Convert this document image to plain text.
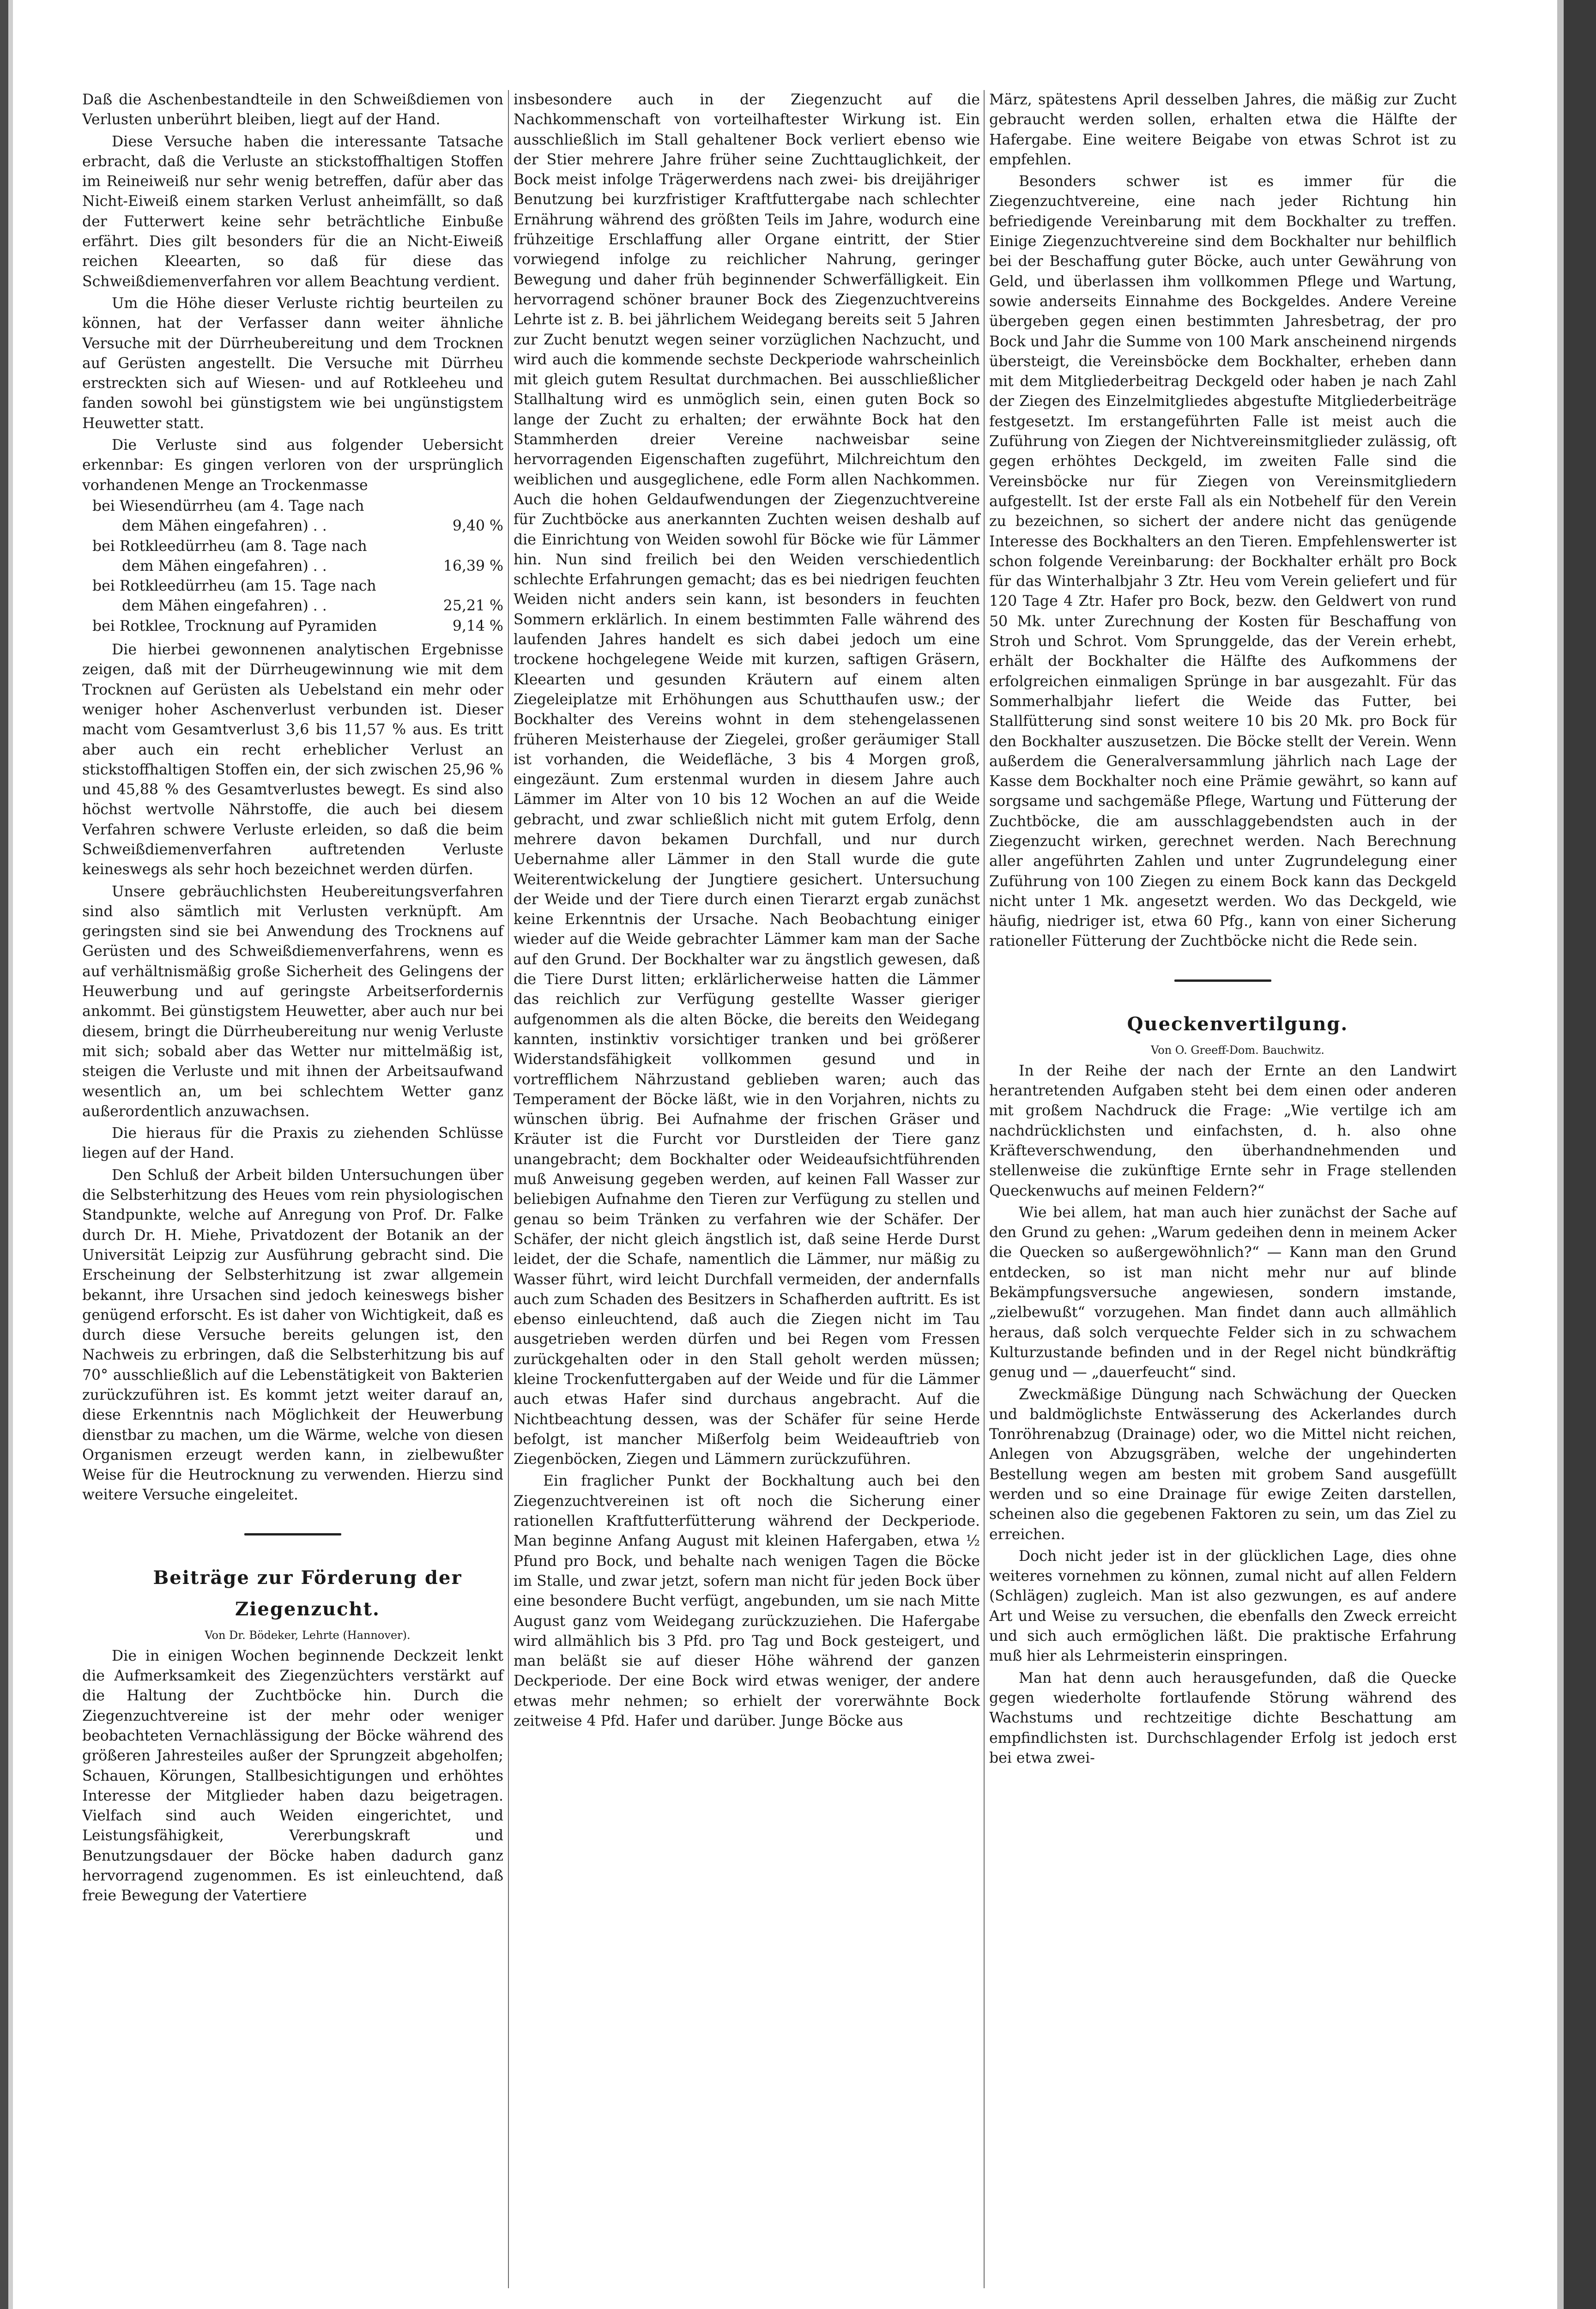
Daß die Aschenbestandteile in den Schweißdiemen von Verlusten unberührt bleiben, liegt auf der Hand.

Diese Versuche haben die interessante Tatsache erbracht, daß die Verluste an stickstoffhaltigen Stoffen im Reineiweiß nur sehr wenig betreffen, dafür aber das Nicht-Eiweiß einem starken Verlust anheimfällt, so daß der Futterwert keine sehr beträchtliche Einbuße erfährt. Dies gilt besonders für die an Nicht-Eiweiß reichen Kleearten, so daß für diese das Schweißdiemenverfahren vor allem Beachtung verdient.

Um die Höhe dieser Verluste richtig beurteilen zu können, hat der Verfasser dann weiter ähnliche Versuche mit der Dürrheubereitung und dem Trocknen auf Gerüsten angestellt. Die Versuche mit Dürrheu erstreckten sich auf Wiesen- und auf Rotkleeheu und fanden sowohl bei günstigstem wie bei ungünstigstem Heuwetter statt.

Die Verluste sind aus folgender Uebersicht erkennbar: Es gingen verloren von der ursprünglich vorhandenen Menge an Trockenmasse

bei Wiesendürrheu (am 4. Tage nach
dem Mähen eingefahren) . .	9,40 %
bei Rotkleedürrheu (am 8. Tage nach
dem Mähen eingefahren) . .	16,39 %
bei Rotkleedürrheu (am 15. Tage nach
dem Mähen eingefahren) . .	25,21 %
bei Rotklee, Trocknung auf Pyramiden	9,14 %

Die hierbei gewonnenen analytischen Ergebnisse zeigen, daß mit der Dürrheugewinnung wie mit dem Trocknen auf Gerüsten als Uebelstand ein mehr oder weniger hoher Aschenverlust verbunden ist. Dieser macht vom Gesamtverlust 3,6 bis 11,57 % aus. Es tritt aber auch ein recht erheblicher Verlust an stickstoffhaltigen Stoffen ein, der sich zwischen 25,96 % und 45,88 % des Gesamtverlustes bewegt. Es sind also höchst wertvolle Nährstoffe, die auch bei diesem Verfahren schwere Verluste erleiden, so daß die beim Schweißdiemenverfahren auftretenden Verluste keineswegs als sehr hoch bezeichnet werden dürfen.

Unsere gebräuchlichsten Heubereitungsverfahren sind also sämtlich mit Verlusten verknüpft. Am geringsten sind sie bei Anwendung des Trocknens auf Gerüsten und des Schweißdiemenverfahrens, wenn es auf verhältnismäßig große Sicherheit des Gelingens der Heuwerbung und auf geringste Arbeitserfordernis ankommt. Bei günstigstem Heuwetter, aber auch nur bei diesem, bringt die Dürrheubereitung nur wenig Verluste mit sich; sobald aber das Wetter nur mittelmäßig ist, steigen die Verluste und mit ihnen der Arbeitsaufwand wesentlich an, um bei schlechtem Wetter ganz außerordentlich anzuwachsen.

Die hieraus für die Praxis zu ziehenden Schlüsse liegen auf der Hand.

Den Schluß der Arbeit bilden Untersuchungen über die Selbsterhitzung des Heues vom rein physiologischen Standpunkte, welche auf Anregung von Prof. Dr. Falke durch Dr. H. Miehe, Privatdozent der Botanik an der Universität Leipzig zur Ausführung gebracht sind. Die Erscheinung der Selbsterhitzung ist zwar allgemein bekannt, ihre Ursachen sind jedoch keineswegs bisher genügend erforscht. Es ist daher von Wichtigkeit, daß es durch diese Versuche bereits gelungen ist, den Nachweis zu erbringen, daß die Selbsterhitzung bis auf 70° ausschließlich auf die Lebenstätigkeit von Bakterien zurückzuführen ist. Es kommt jetzt weiter darauf an, diese Erkenntnis nach Möglichkeit der Heuwerbung dienstbar zu machen, um die Wärme, welche von diesen Organismen erzeugt werden kann, in zielbewußter Weise für die Heutrocknung zu verwenden. Hierzu sind weitere Versuche eingeleitet.

Beiträge zur Förderung der

Ziegenzucht.

Von Dr. Bödeker, Lehrte (Hannover).

Die in einigen Wochen beginnende Deckzeit lenkt die Aufmerksamkeit des Ziegenzüchters verstärkt auf die Haltung der Zuchtböcke hin. Durch die Ziegenzuchtvereine ist der mehr oder weniger beobachteten Vernachlässigung der Böcke während des größeren Jahresteiles außer der Sprungzeit abgeholfen; Schauen, Körungen, Stallbesichtigungen und erhöhtes Interesse der Mitglieder haben dazu beigetragen. Vielfach sind auch Weiden eingerichtet, und Leistungsfähigkeit, Vererbungskraft und Benutzungsdauer der Böcke haben dadurch ganz hervorragend zugenommen. Es ist einleuchtend, daß freie Bewegung der Vatertiere

insbesondere auch in der Ziegenzucht auf die Nachkommenschaft von vorteilhaftester Wirkung ist. Ein ausschließlich im Stall gehaltener Bock verliert ebenso wie der Stier mehrere Jahre früher seine Zuchttauglichkeit, der Bock meist infolge Trägerwerdens nach zwei- bis dreijähriger Benutzung bei kurzfristiger Kraftfuttergabe nach schlechter Ernährung während des größten Teils im Jahre, wodurch eine frühzeitige Erschlaffung aller Organe eintritt, der Stier vorwiegend infolge zu reichlicher Nahrung, geringer Bewegung und daher früh beginnender Schwerfälligkeit. Ein hervorragend schöner brauner Bock des Ziegenzuchtvereins Lehrte ist z. B. bei jährlichem Weidegang bereits seit 5 Jahren zur Zucht benutzt wegen seiner vorzüglichen Nachzucht, und wird auch die kommende sechste Deckperiode wahrscheinlich mit gleich gutem Resultat durchmachen. Bei ausschließlicher Stallhaltung wird es unmöglich sein, einen guten Bock so lange der Zucht zu erhalten; der erwähnte Bock hat den Stammherden dreier Vereine nachweisbar seine hervorragenden Eigenschaften zugeführt, Milchreichtum den weiblichen und ausgeglichene, edle Form allen Nachkommen. Auch die hohen Geldaufwendungen der Ziegenzuchtvereine für Zuchtböcke aus anerkannten Zuchten weisen deshalb auf die Einrichtung von Weiden sowohl für Böcke wie für Lämmer hin. Nun sind freilich bei den Weiden verschiedentlich schlechte Erfahrungen gemacht; das es bei niedrigen feuchten Weiden nicht anders sein kann, ist besonders in feuchten Sommern erklärlich. In einem bestimmten Falle während des laufenden Jahres handelt es sich dabei jedoch um eine trockene hochgelegene Weide mit kurzen, saftigen Gräsern, Kleearten und gesunden Kräutern auf einem alten Ziegeleiplatze mit Erhöhungen aus Schutthaufen usw.; der Bockhalter des Vereins wohnt in dem stehengelassenen früheren Meisterhause der Ziegelei, großer geräumiger Stall ist vorhanden, die Weidefläche, 3 bis 4 Morgen groß, eingezäunt. Zum erstenmal wurden in diesem Jahre auch Lämmer im Alter von 10 bis 12 Wochen an auf die Weide gebracht, und zwar schließlich nicht mit gutem Erfolg, denn mehrere davon bekamen Durchfall, und nur durch Uebernahme aller Lämmer in den Stall wurde die gute Weiterentwickelung der Jungtiere gesichert. Untersuchung der Weide und der Tiere durch einen Tierarzt ergab zunächst keine Erkenntnis der Ursache. Nach Beobachtung einiger wieder auf die Weide gebrachter Lämmer kam man der Sache auf den Grund. Der Bockhalter war zu ängstlich gewesen, daß die Tiere Durst litten; erklärlicherweise hatten die Lämmer das reichlich zur Verfügung gestellte Wasser gieriger aufgenommen als die alten Böcke, die bereits den Weidegang kannten, instinktiv vorsichtiger tranken und bei größerer Widerstandsfähigkeit vollkommen gesund und in vortrefflichem Nährzustand geblieben waren; auch das Temperament der Böcke läßt, wie in den Vorjahren, nichts zu wünschen übrig. Bei Aufnahme der frischen Gräser und Kräuter ist die Furcht vor Durstleiden der Tiere ganz unangebracht; dem Bockhalter oder Weideaufsichtführenden muß Anweisung gegeben werden, auf keinen Fall Wasser zur beliebigen Aufnahme den Tieren zur Verfügung zu stellen und genau so beim Tränken zu verfahren wie der Schäfer. Der Schäfer, der nicht gleich ängstlich ist, daß seine Herde Durst leidet, der die Schafe, namentlich die Lämmer, nur mäßig zu Wasser führt, wird leicht Durchfall vermeiden, der andernfalls auch zum Schaden des Besitzers in Schafherden auftritt. Es ist ebenso einleuchtend, daß auch die Ziegen nicht im Tau ausgetrieben werden dürfen und bei Regen vom Fressen zurückgehalten oder in den Stall geholt werden müssen; kleine Trockenfuttergaben auf der Weide und für die Lämmer auch etwas Hafer sind durchaus angebracht. Auf die Nichtbeachtung dessen, was der Schäfer für seine Herde befolgt, ist mancher Mißerfolg beim Weideauftrieb von Ziegenböcken, Ziegen und Lämmern zurückzuführen.

Ein fraglicher Punkt der Bockhaltung auch bei den Ziegenzuchtvereinen ist oft noch die Sicherung einer rationellen Kraftfutterfütterung während der Deckperiode. Man beginne Anfang August mit kleinen Hafergaben, etwa ½ Pfund pro Bock, und behalte nach wenigen Tagen die Böcke im Stalle, und zwar jetzt, sofern man nicht für jeden Bock über eine besondere Bucht verfügt, angebunden, um sie nach Mitte August ganz vom Weidegang zurückzuziehen. Die Hafergabe wird allmählich bis 3 Pfd. pro Tag und Bock gesteigert, und man beläßt sie auf dieser Höhe während der ganzen Deckperiode. Der eine Bock wird etwas weniger, der andere etwas mehr nehmen; so erhielt der vorerwähnte Bock zeitweise 4 Pfd. Hafer und darüber. Junge Böcke aus

März, spätestens April desselben Jahres, die mäßig zur Zucht gebraucht werden sollen, erhalten etwa die Hälfte der Hafergabe. Eine weitere Beigabe von etwas Schrot ist zu empfehlen.

Besonders schwer ist es immer für die Ziegenzuchtvereine, eine nach jeder Richtung hin befriedigende Vereinbarung mit dem Bockhalter zu treffen. Einige Ziegenzuchtvereine sind dem Bockhalter nur behilflich bei der Beschaffung guter Böcke, auch unter Gewährung von Geld, und überlassen ihm vollkommen Pflege und Wartung, sowie anderseits Einnahme des Bockgeldes. Andere Vereine übergeben gegen einen bestimmten Jahresbetrag, der pro Bock und Jahr die Summe von 100 Mark anscheinend nirgends übersteigt, die Vereinsböcke dem Bockhalter, erheben dann mit dem Mitgliederbeitrag Deckgeld oder haben je nach Zahl der Ziegen des Einzelmitgliedes abgestufte Mitgliederbeiträge festgesetzt. Im erstangeführten Falle ist meist auch die Zuführung von Ziegen der Nichtvereinsmitglieder zulässig, oft gegen erhöhtes Deckgeld, im zweiten Falle sind die Vereinsböcke nur für Ziegen von Vereinsmitgliedern aufgestellt. Ist der erste Fall als ein Notbehelf für den Verein zu bezeichnen, so sichert der andere nicht das genügende Interesse des Bockhalters an den Tieren. Empfehlenswerter ist schon folgende Vereinbarung: der Bockhalter erhält pro Bock für das Winterhalbjahr 3 Ztr. Heu vom Verein geliefert und für 120 Tage 4 Ztr. Hafer pro Bock, bezw. den Geldwert von rund 50 Mk. unter Zurechnung der Kosten für Beschaffung von Stroh und Schrot. Vom Sprunggelde, das der Verein erhebt, erhält der Bockhalter die Hälfte des Aufkommens der erfolgreichen einmaligen Sprünge in bar ausgezahlt. Für das Sommerhalbjahr liefert die Weide das Futter, bei Stallfütterung sind sonst weitere 10 bis 20 Mk. pro Bock für den Bockhalter auszusetzen. Die Böcke stellt der Verein. Wenn außerdem die Generalversammlung jährlich nach Lage der Kasse dem Bockhalter noch eine Prämie gewährt, so kann auf sorgsame und sachgemäße Pflege, Wartung und Fütterung der Zuchtböcke, die am ausschlaggebendsten auch in der Ziegenzucht wirken, gerechnet werden. Nach Berechnung aller angeführten Zahlen und unter Zugrundelegung einer Zuführung von 100 Ziegen zu einem Bock kann das Deckgeld nicht unter 1 Mk. angesetzt werden. Wo das Deckgeld, wie häufig, niedriger ist, etwa 60 Pfg., kann von einer Sicherung rationeller Fütterung der Zuchtböcke nicht die Rede sein.

Queckenvertilgung.

Von O. Greeff-Dom. Bauchwitz.

In der Reihe der nach der Ernte an den Landwirt herantretenden Aufgaben steht bei dem einen oder anderen mit großem Nachdruck die Frage: „Wie vertilge ich am nachdrücklichsten und einfachsten, d. h. also ohne Kräfteverschwendung, den überhandnehmenden und stellenweise die zukünftige Ernte sehr in Frage stellenden Queckenwuchs auf meinen Feldern?“

Wie bei allem, hat man auch hier zunächst der Sache auf den Grund zu gehen: „Warum gedeihen denn in meinem Acker die Quecken so außergewöhnlich?“ — Kann man den Grund entdecken, so ist man nicht mehr nur auf blinde Bekämpfungsversuche angewiesen, sondern imstande, „zielbewußt“ vorzugehen. Man findet dann auch allmählich heraus, daß solch verquechte Felder sich in zu schwachem Kulturzustande befinden und in der Regel nicht bündkräftig genug und — „dauerfeucht“ sind.

Zweckmäßige Düngung nach Schwächung der Quecken und baldmöglichste Entwässerung des Ackerlandes durch Tonröhrenabzug (Drainage) oder, wo die Mittel nicht reichen, Anlegen von Abzugsgräben, welche der ungehinderten Bestellung wegen am besten mit grobem Sand ausgefüllt werden und so eine Drainage für ewige Zeiten darstellen, scheinen also die gegebenen Faktoren zu sein, um das Ziel zu erreichen.

Doch nicht jeder ist in der glücklichen Lage, dies ohne weiteres vornehmen zu können, zumal nicht auf allen Feldern (Schlägen) zugleich. Man ist also gezwungen, es auf andere Art und Weise zu versuchen, die ebenfalls den Zweck erreicht und sich auch ermöglichen läßt. Die praktische Erfahrung muß hier als Lehrmeisterin einspringen.

Man hat denn auch herausgefunden, daß die Quecke gegen wiederholte fortlaufende Störung während des Wachstums und rechtzeitige dichte Beschattung am empfindlichsten ist. Durchschlagender Erfolg ist jedoch erst bei etwa zwei-
